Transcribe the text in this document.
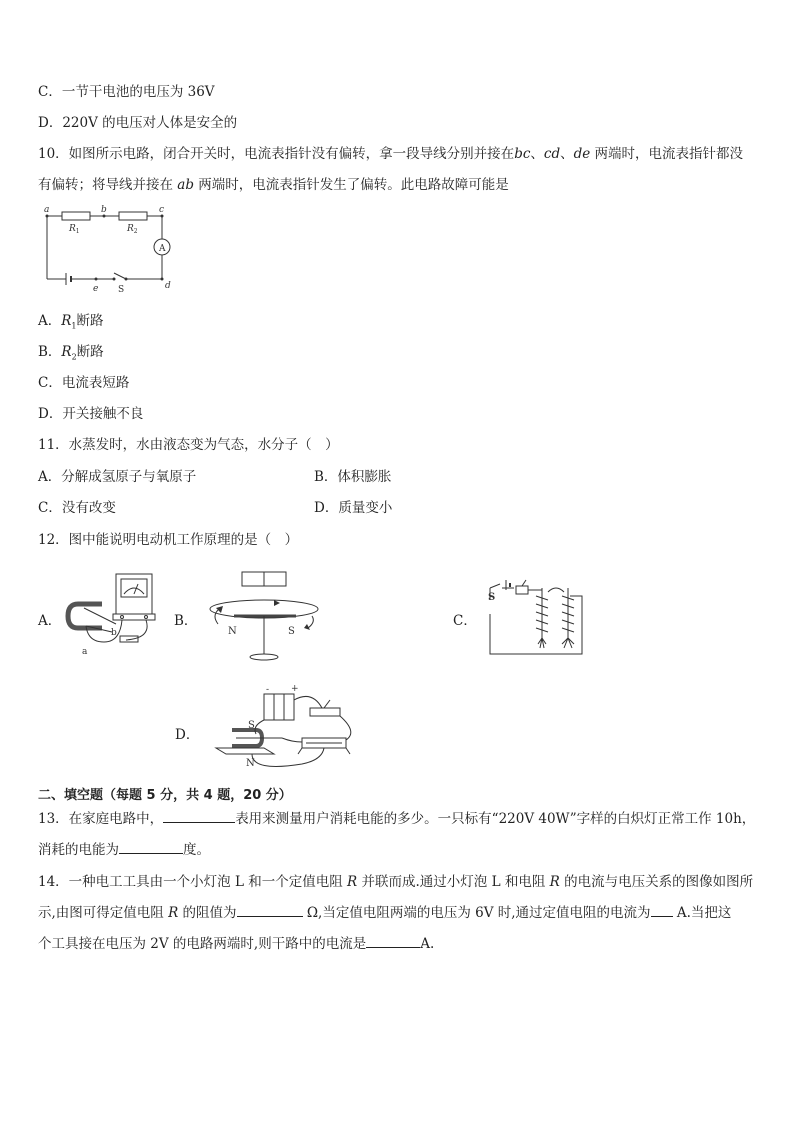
C．一节干电池的电压为 36V
D．220V 的电压对人体是安全的
10．如图所示电路，闭合开关时，电流表指针没有偏转，拿一段导线分别并接在bc、cd、de 两端时，电流表指针都没
有偏转；将导线并接在 ab 两端时，电流表指针发生了偏转。此电路故障可能是
a	b	c
d
e
$R_1$	$R_2$
A
S
A．$R_1$断路
B．$R_2$断路
C．电流表短路
D．开关接触不良
11．水蒸发时，水由液态变为气态，水分子（　）
A．分解成氢原子与氧原子	B．体积膨胀
C．没有改变	D．质量变小
12．图中能说明电动机工作原理的是（　）
A．
b
a
B．
N	S
C．
S
D．
- +
S
N
二、填空题（每题 5 分，共 4 题，20 分）
13．在家庭电路中，	表用来测量用户消耗电能的多少。一只标有“220V 40W”字样的白炽灯正常工作 10h，
消耗的电能为	度。
14．一种电工工具由一个小灯泡 L 和一个定值电阻 R 并联而成.通过小灯泡 L 和电阻 R 的电流与电压关系的图像如图所
示,由图可得定值电阻 R 的阻值为	Ω,当定值电阻两端的电压为 6V 时,通过定值电阻的电流为 A.当把这
个工具接在电压为 2V 的电路两端时,则干路中的电流是	A.
